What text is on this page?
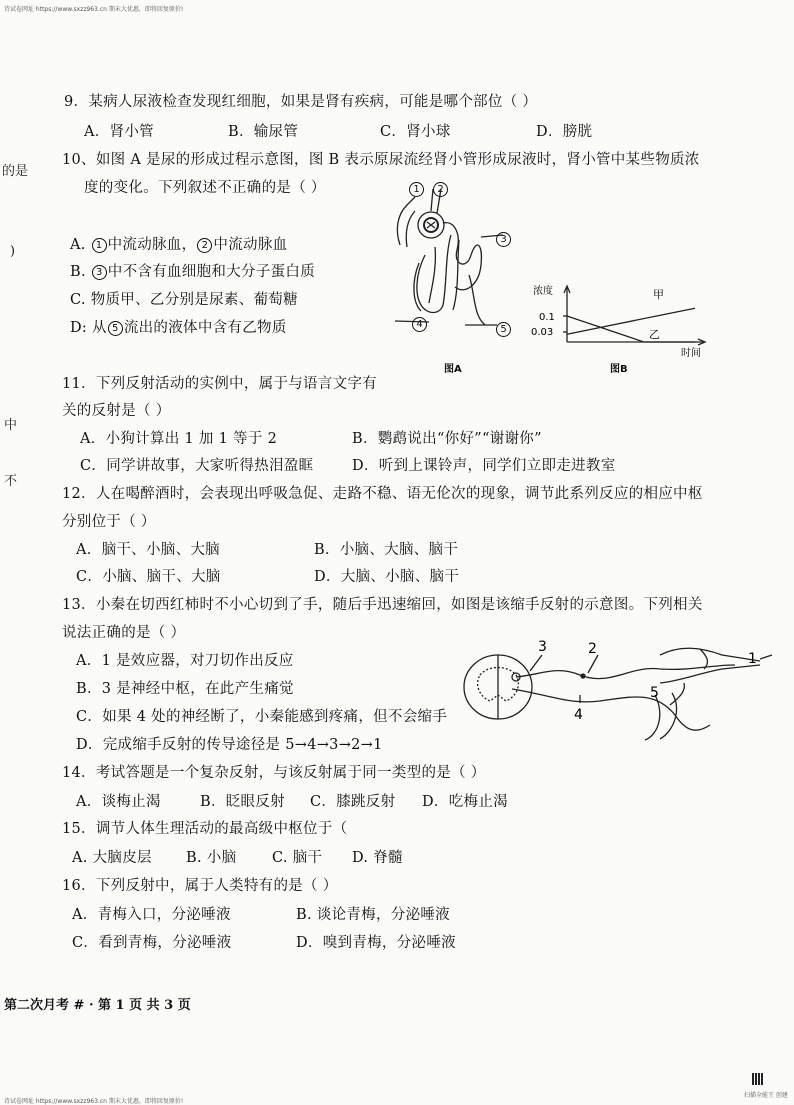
诗试卷网址 https://www.sxzz963.cn 期末大优惠，即将回复原价!
诗试卷网址 https://www.sxzz963.cn 期末大优惠，即将回复原价!
扫描全能王 创建
的是
)
中
不
9．某病人尿液检查发现红细胞，如果是肾有疾病，可能是哪个部位（ ）
A．肾小管	B．输尿管	C．肾小球	D．膀胱
10、如图 A 是尿的形成过程示意图，图 B 表示原尿流经肾小管形成尿液时，肾小管中某些物质浓
度的变化。下列叙述不正确的是（ ）
A. 1 中流动脉血， 2 中流动脉血
B. 3 中不含有血细胞和大分子蛋白质
C. 物质甲、乙分别是尿素、葡萄糖
D: 从 5 流出的液体中含有乙物质
1	2
3
4	5
图A
浓度
0.1
0.03
甲
乙
时间
图B
11．下列反射活动的实例中，属于与语言文字有
关的反射是（ ）
A．小狗计算出 1 加 1 等于 2	B．鹦鹉说出“你好”“谢谢你”
C．同学讲故事，大家听得热泪盈眶	D．听到上课铃声，同学们立即走进教室
12．人在喝醉酒时，会表现出呼吸急促、走路不稳、语无伦次的现象，调节此系列反应的相应中枢
分别位于（ ）
A．脑干、小脑、大脑	B．小脑、大脑、脑干
C．小脑、脑干、大脑	D．大脑、小脑、脑干
13．小秦在切西红柿时不小心切到了手，随后手迅速缩回，如图是该缩手反射的示意图。下列相关
说法正确的是（ ）
A．1 是效应器，对刀切作出反应
B．3 是神经中枢，在此产生痛觉
C．如果 4 处的神经断了，小秦能感到疼痛，但不会缩手
D．完成缩手反射的传导途径是 5→4→3→2→1
3	2
1
4
5
14．考试答题是一个复杂反射，与该反射属于同一类型的是（ ）
A．谈梅止渴	B．眨眼反射 C．膝跳反射 D．吃梅止渴
15．调节人体生理活动的最高级中枢位于（
A. 大脑皮层 B. 小脑 C. 脑干 D. 脊髓
16．下列反射中，属于人类特有的是（ ）
A．青梅入口，分泌唾液	B. 谈论青梅，分泌唾液
C．看到青梅，分泌唾液	D．嗅到青梅，分泌唾液
第二次月考 # · 第 1 页 共 3 页
